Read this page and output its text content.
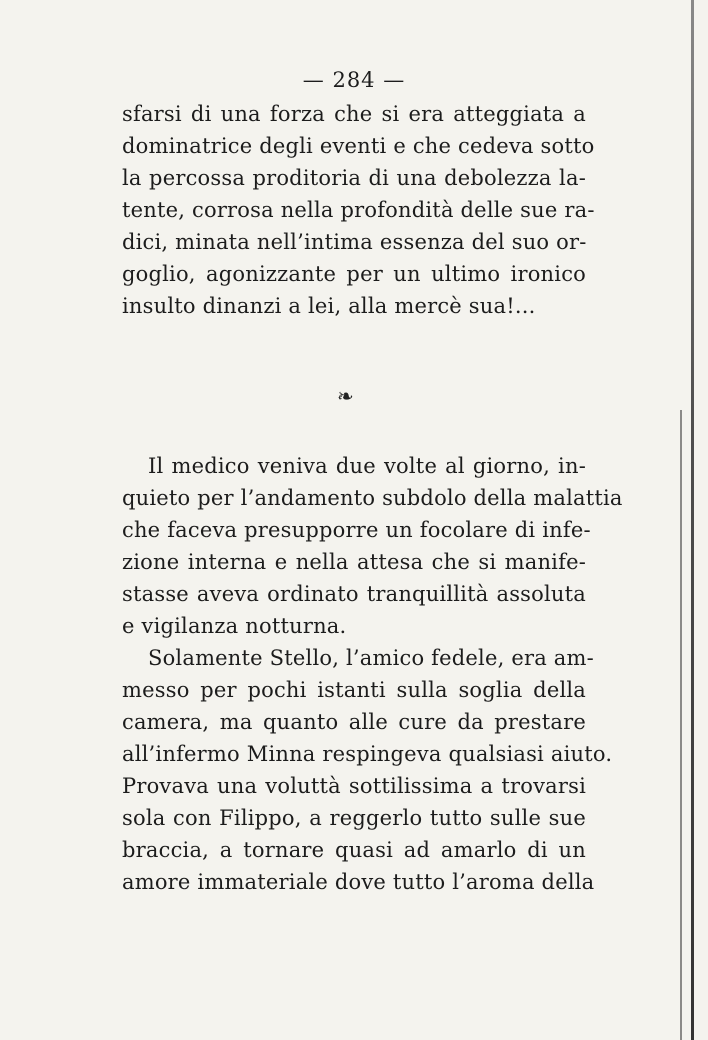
— 284 —
sfarsi di una forza che si era atteggiata a
dominatrice degli eventi e che cedeva sotto
la percossa proditoria di una debolezza la-
tente, corrosa nella profondità delle sue ra-
dici, minata nell’intima essenza del suo or-
goglio, agonizzante per un ultimo ironico
insulto dinanzi a lei, alla mercè sua!...
❧
Il medico veniva due volte al giorno, in-
quieto per l’andamento subdolo della malattia
che faceva presupporre un focolare di infe-
zione interna e nella attesa che si manife-
stasse aveva ordinato tranquillità assoluta
e vigilanza notturna.
Solamente Stello, l’amico fedele, era am-
messo per pochi istanti sulla soglia della
camera, ma quanto alle cure da prestare
all’infermo Minna respingeva qualsiasi aiuto.
Provava una voluttà sottilissima a trovarsi
sola con Filippo, a reggerlo tutto sulle sue
braccia, a tornare quasi ad amarlo di un
amore immateriale dove tutto l’aroma della
